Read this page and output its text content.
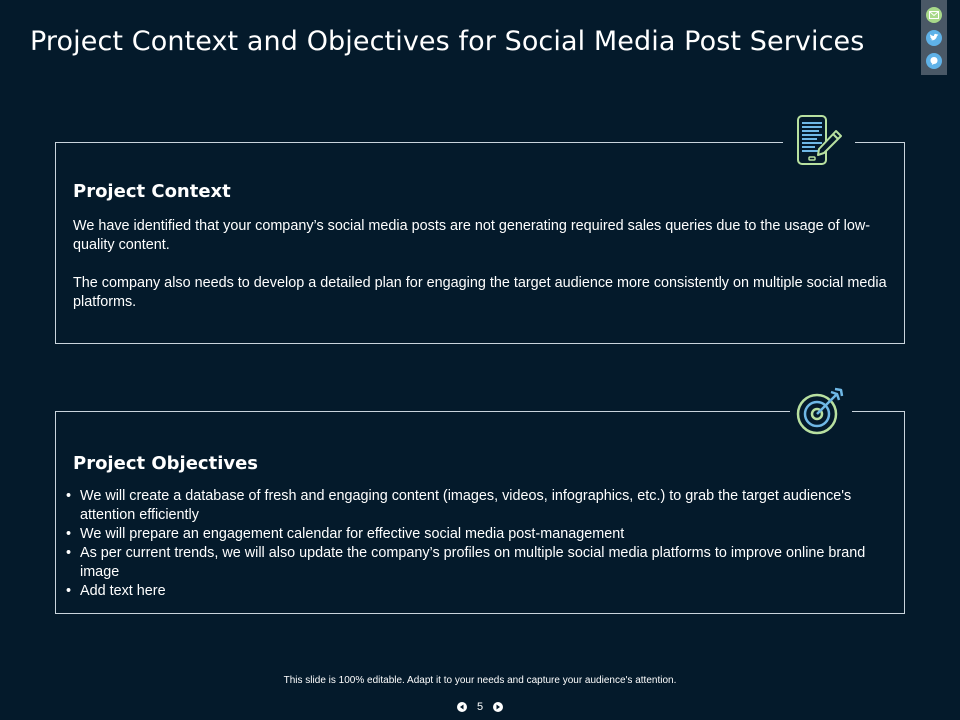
Project Context and Objectives for Social Media Post Services
Project Context

We have identified that your company’s social media posts are not generating required sales queries due to the usage of low-quality content.

The company also needs to develop a detailed plan for engaging the target audience more consistently on multiple social media platforms.

Project Objectives
• We will create a database of fresh and engaging content (images, videos, infographics, etc.) to grab the target audience's attention efficiently
• We will prepare an engagement calendar for effective social media post-management
• As per current trends, we will also update the company’s profiles on multiple social media platforms to improve online brand image
• Add text here
This slide is 100% editable. Adapt it to your needs and capture your audience's attention.
5
